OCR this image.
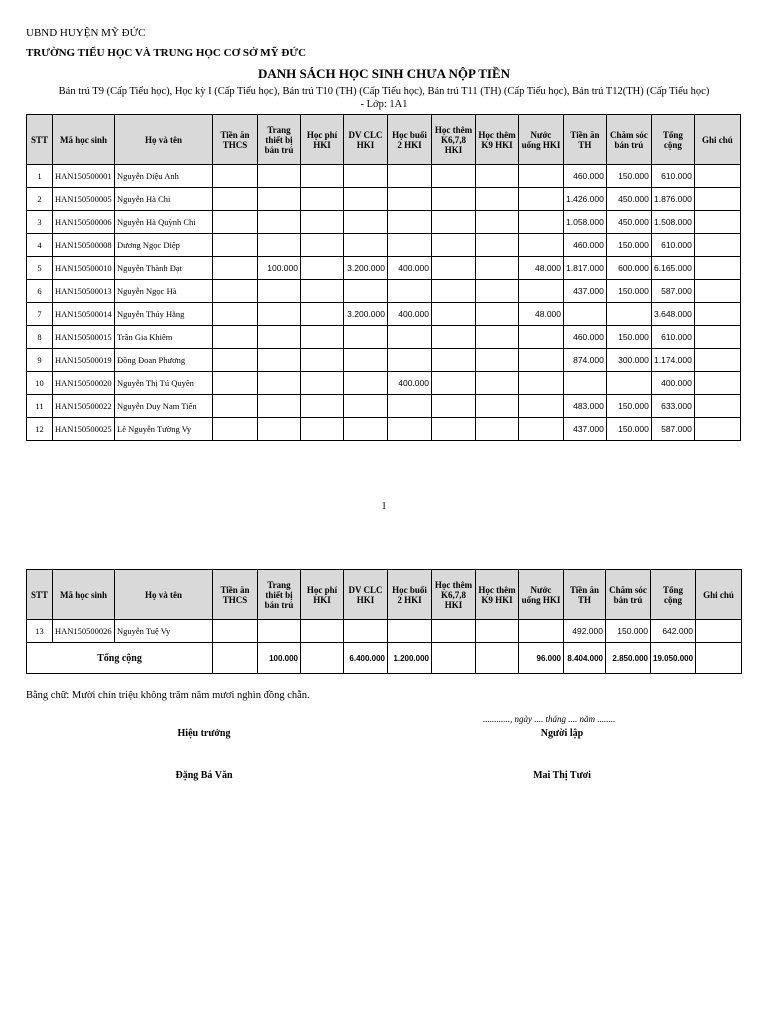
UBND HUYỆN MỸ ĐỨC
TRƯỜNG TIỂU HỌC VÀ TRUNG HỌC CƠ SỞ MỸ ĐỨC
DANH SÁCH HỌC SINH CHƯA NỘP TIỀN
Bán trú T9 (Cấp Tiểu học), Học kỳ I (Cấp Tiểu học), Bán trú T10 (TH) (Cấp Tiểu học), Bán trú T11 (TH) (Cấp Tiểu học), Bán trú T12(TH) (Cấp Tiểu học)
- Lớp: 1A1
STT	Mã học sinh	Họ và tên	Tiền ăn THCS	Trang thiết bị bán trú	Học phí HKI	DV CLC HKI	Học buổi 2 HKI	Học thêm K6,7,8 HKI	Học thêm K9 HKI	Nước uống HKI	Tiền ăn TH	Chăm sóc bán trú	Tổng cộng	Ghi chú
1	HAN150500001	Nguyễn Diệu Anh									460.000	150.000	610.000	
2	HAN150500005	Nguyễn Hà Chi									1.426.000	450.000	1.876.000	
3	HAN150500006	Nguyễn Hà Quỳnh Chi									1.058.000	450.000	1.508.000	
4	HAN150500008	Dương Ngọc Diệp									460.000	150.000	610.000	
5	HAN150500010	Nguyễn Thành Đạt		100.000		3.200.000	400.000			48.000	1.817.000	600.000	6.165.000	
6	HAN150500013	Nguyễn Ngọc Hà									437.000	150.000	587.000	
7	HAN150500014	Nguyễn Thúy Hằng				3.200.000	400.000			48.000			3.648.000	
8	HAN150500015	Trần Gia Khiêm									460.000	150.000	610.000	
9	HAN150500019	Đồng Đoan Phương									874.000	300.000	1.174.000	
10	HAN150500020	Nguyễn Thị Tú Quyên					400.000						400.000	
11	HAN150500022	Nguyễn Duy Nam Tiến									483.000	150.000	633.000	
12	HAN150500025	Lê Nguyễn Tường Vy									437.000	150.000	587.000	
1
STT	Mã học sinh	Họ và tên	Tiền ăn THCS	Trang thiết bị bán trú	Học phí HKI	DV CLC HKI	Học buổi 2 HKI	Học thêm K6,7,8 HKI	Học thêm K9 HKI	Nước uống HKI	Tiền ăn TH	Chăm sóc bán trú	Tổng cộng	Ghi chú
13	HAN150500026	Nguyễn Tuệ Vy									492.000	150.000	642.000	
Tổng cộng				100.000		6.400.000	1.200.000			96.000	8.404.000	2.850.000	19.050.000	
Bằng chữ: Mười chín triệu không trăm năm mươi nghìn đồng chẵn.
............, ngày .... tháng .... năm ........
Hiệu trưởng	Người lập
Đặng Bá Văn	Mai Thị Tươi
